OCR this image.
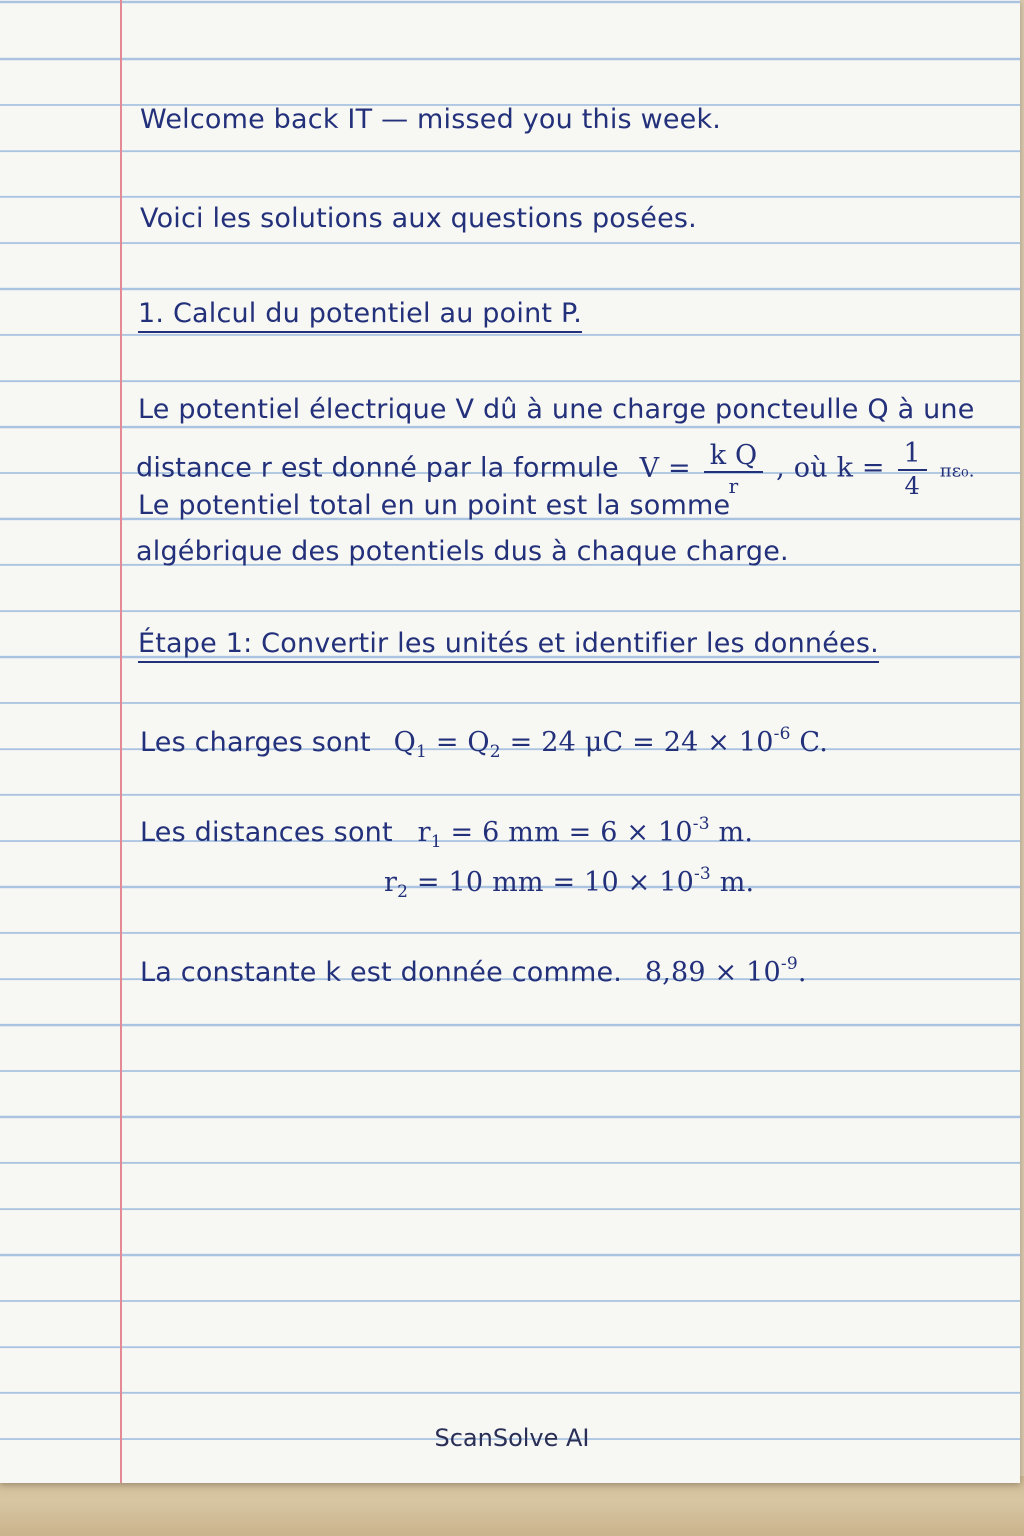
Welcome back IT — missed you this week.
Voici les solutions aux questions posées.
1. Calcul du potentiel au point P.
Le potentiel électrique V dû à une charge poncteulle Q à une
distance r est donné par la formule $V = \frac{\text{k Q}}{r}$ , où $k = \frac{1}{4} \pi\varepsilon_0$.
Le potentiel total en un point est la somme
algébrique des potentiels dus à chaque charge.
Étape 1: Convertir les unités et identifier les données.
Les charges sont $Q_1 = Q_2 = 24$ $\mu C = 24 \times 10^{-6}$ C.
Les distances sont $r_1 = 6$ mm = $6 \times 10^{-3}$ m.
$r_2 = 10$ mm = $10 \times 10^{-3}$ m.
La constante k est donnée comme. $8,89 \times 10^{-9}$.
ScanSolve AI
